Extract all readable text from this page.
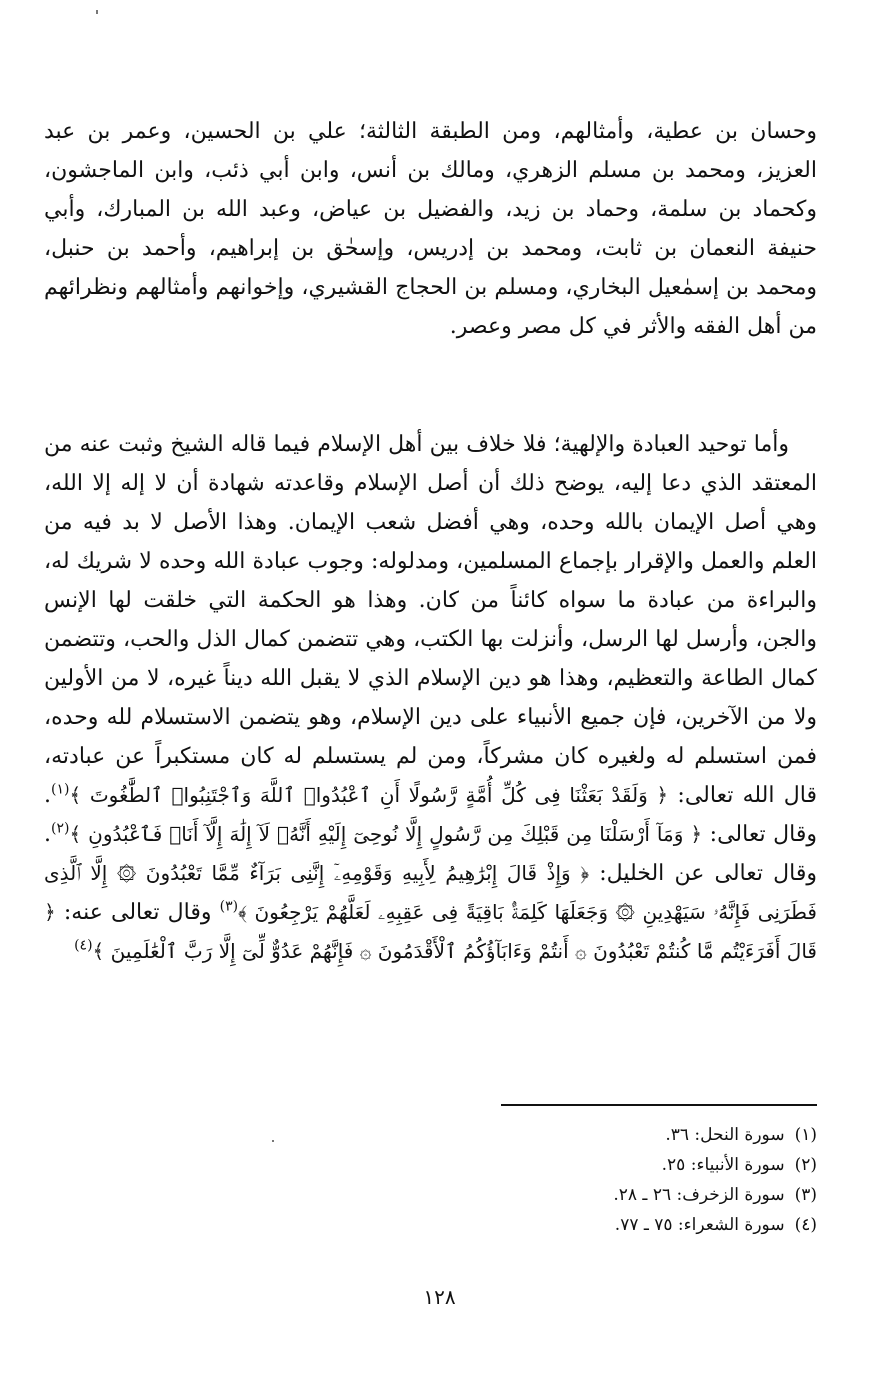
وحسان بن عطية، وأمثالهم، ومن الطبقة الثالثة؛ علي بن الحسين، وعمر بن عبد العزيز، ومحمد بن مسلم الزهري، ومالك بن أنس، وابن أبي ذئب، وابن الماجشون، وكحماد بن سلمة، وحماد بن زيد، والفضيل بن عياض، وعبد الله بن المبارك، وأبي حنيفة النعمان بن ثابت، ومحمد بن إدريس، وإسحٰق بن إبراهيم، وأحمد بن حنبل، ومحمد بن إسمٰعيل البخاري، ومسلم بن الحجاج القشيري، وإخوانهم وأمثالهم ونظرائهم من أهل الفقه والأثر في كل مصر وعصر.

وأما توحيد العبادة والإلهية؛ فلا خلاف بين أهل الإسلام فيما قاله الشيخ وثبت عنه من المعتقد الذي دعا إليه، يوضح ذلك أن أصل الإسلام وقاعدته شهادة أن لا إله إلا الله، وهي أصل الإيمان بالله وحده، وهي أفضل شعب الإيمان. وهذا الأصل لا بد فيه من العلم والعمل والإقرار بإجماع المسلمين، ومدلوله: وجوب عبادة الله وحده لا شريك له، والبراءة من عبادة ما سواه كائناً من كان. وهذا هو الحكمة التي خلقت لها الإنس والجن، وأرسل لها الرسل، وأنزلت بها الكتب، وهي تتضمن كمال الذل والحب، وتتضمن كمال الطاعة والتعظيم، وهذا هو دين الإسلام الذي لا يقبل الله ديناً غيره، لا من الأولين ولا من الآخرين، فإن جميع الأنبياء على دين الإسلام، وهو يتضمن الاستسلام لله وحده، فمن استسلم له ولغيره كان مشركاً، ومن لم يستسلم له كان مستكبراً عن عبادته، قال الله تعالى: ﴿ وَلَقَدْ بَعَثْنَا فِى كُلِّ أُمَّةٍ رَّسُولًا أَنِ ٱعْبُدُوا۟ ٱللَّهَ وَٱجْتَنِبُوا۟ ٱلطَّٰغُوتَ ﴾$^{(١)}$. وقال تعالى: ﴿ وَمَآ أَرْسَلْنَا مِن قَبْلِكَ مِن رَّسُولٍ إِلَّا نُوحِىٓ إِلَيْهِ أَنَّهُۥ لَآ إِلَٰهَ إِلَّآ أَنَا۠ فَٱعْبُدُونِ ﴾$^{(٢)}$. وقال تعالى عن الخليل: ﴿ وَإِذْ قَالَ إِبْرَٰهِيمُ لِأَبِيهِ وَقَوْمِهِۦٓ إِنَّنِى بَرَآءٌ مِّمَّا تَعْبُدُونَ ۞ إِلَّا ٱلَّذِى فَطَرَنِى فَإِنَّهُۥ سَيَهْدِينِ ۞ وَجَعَلَهَا كَلِمَةًۢ بَاقِيَةً فِى عَقِبِهِۦ لَعَلَّهُمْ يَرْجِعُونَ ﴾$^{(٣)}$ وقال تعالى عنه: ﴿ قَالَ أَفَرَءَيْتُم مَّا كُنتُمْ تَعْبُدُونَ ۞ أَنتُمْ وَءَابَآؤُكُمُ ٱلْأَقْدَمُونَ ۞ فَإِنَّهُمْ عَدُوٌّ لِّىٓ إِلَّا رَبَّ ٱلْعَٰلَمِينَ ﴾$^{(٤)}$

(١)سورة النحل: ٣٦.
(٢)سورة الأنبياء: ٢٥.
(٣)سورة الزخرف: ٢٦ ـ ٢٨.
(٤)سورة الشعراء: ٧٥ ـ ٧٧.
١٢٨
